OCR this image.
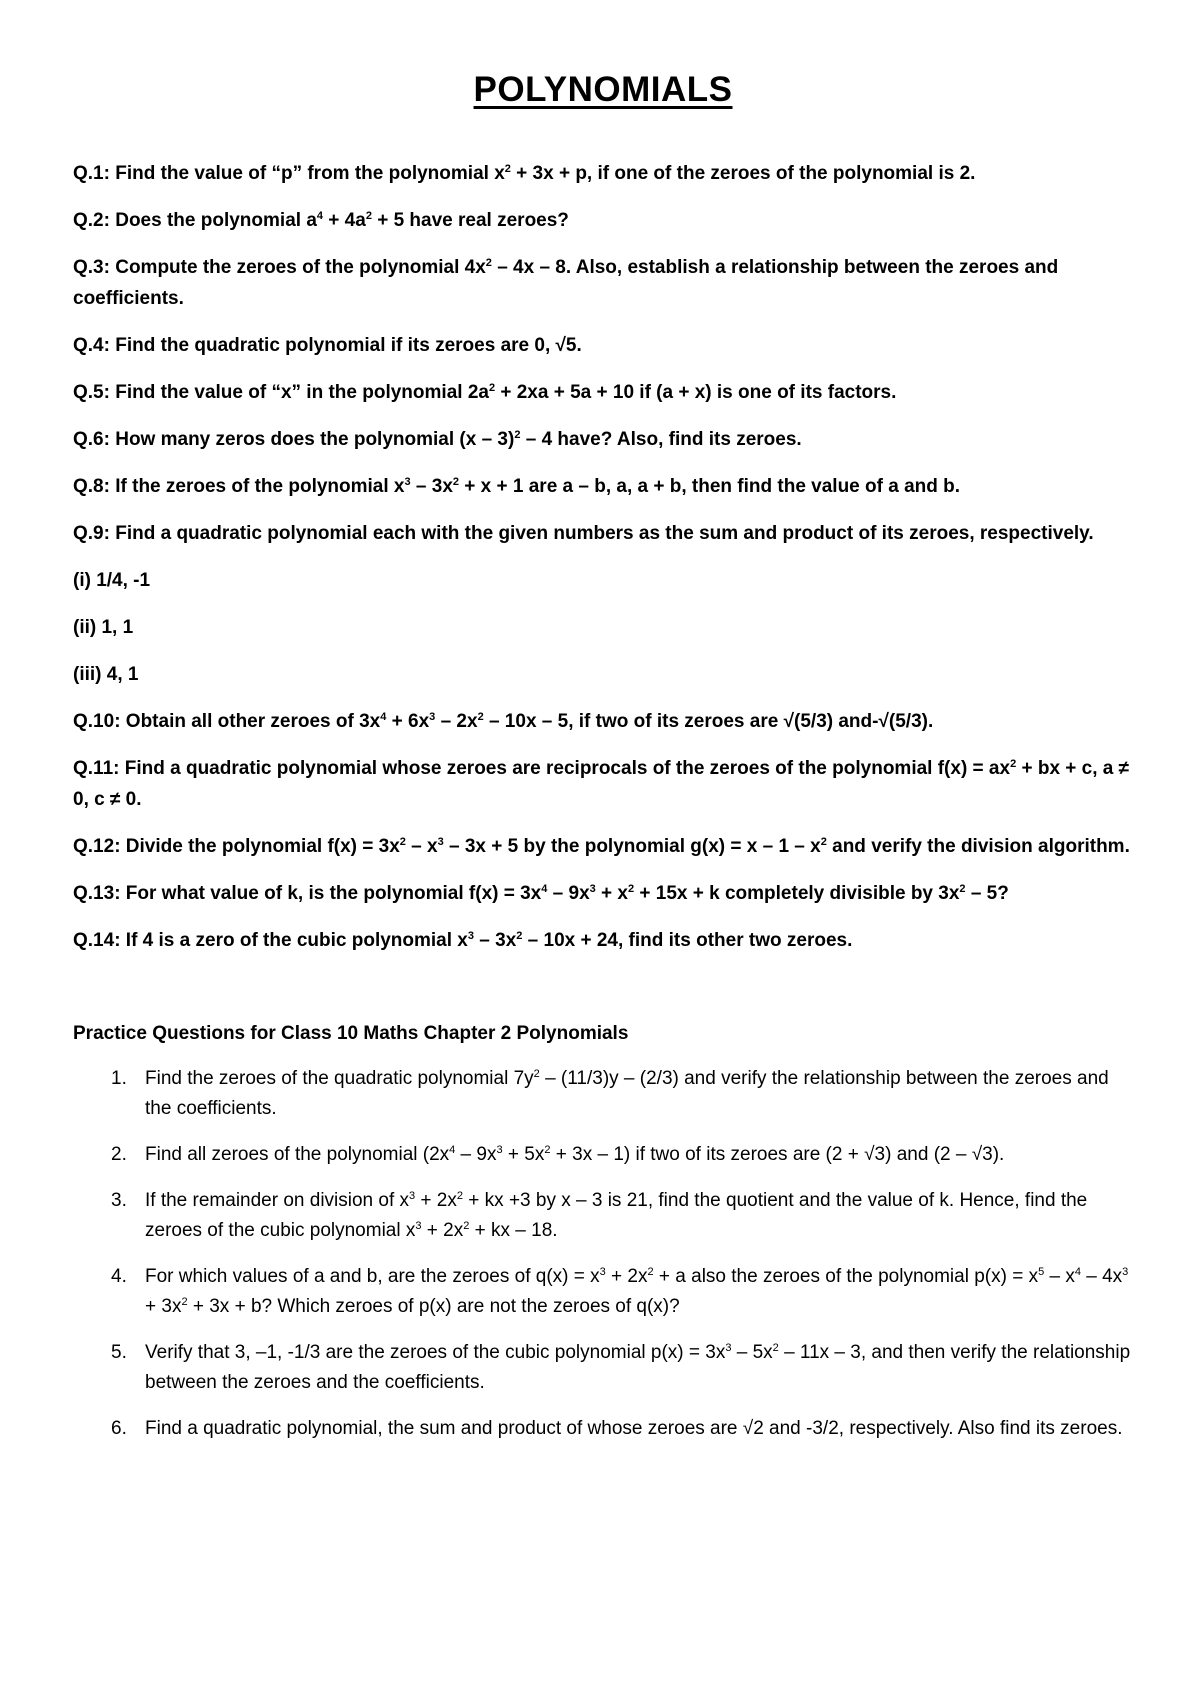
POLYNOMIALS
Q.1: Find the value of “p” from the polynomial $x^2 + 3x + p$, if one of the zeroes of the polynomial is 2.
Q.2: Does the polynomial $a^4 + 4a^2 + 5$ have real zeroes?
Q.3: Compute the zeroes of the polynomial $4x^2 - 4x - 8$. Also, establish a relationship between the zeroes and coefficients.
Q.4: Find the quadratic polynomial if its zeroes are 0, √5.
Q.5: Find the value of “x” in the polynomial $2a^2 + 2xa + 5a + 10$ if (a + x) is one of its factors.
Q.6: How many zeros does the polynomial (x – 3)$^2$ – 4 have? Also, find its zeroes.
Q.8: If the zeroes of the polynomial $x^3 - 3x^2 + x + 1$ are a – b, a, a + b, then find the value of a and b.
Q.9: Find a quadratic polynomial each with the given numbers as the sum and product of its zeroes, respectively.
(i) 1/4, -1
(ii) 1, 1
(iii) 4, 1
Q.10: Obtain all other zeroes of $3x^4 + 6x^3 - 2x^2 - 10x - 5$, if two of its zeroes are √(5/3) and-√(5/3).
Q.11: Find a quadratic polynomial whose zeroes are reciprocals of the zeroes of the polynomial $f(x) = ax^2$ + bx + c, a ≠ 0, c ≠ 0.
Q.12: Divide the polynomial $f(x) = 3x^2 - x^3 - 3x + 5$ by the polynomial $g(x) = x - 1 - x^2$ and verify the division algorithm.
Q.13: For what value of k, is the polynomial $f(x) = 3x^4 - 9x^3 + x^2 + 15x + k$ completely divisible by $3x^2 - 5$?
Q.14: If 4 is a zero of the cubic polynomial $x^3 - 3x^2 - 10x + 24$, find its other two zeroes.
Practice Questions for Class 10 Maths Chapter 2 Polynomials
1. Find the zeroes of the quadratic polynomial $7y^2 - (11/3)y - (2/3)$ and verify the relationship between the zeroes and the coefficients.
2. Find all zeroes of the polynomial $(2x^4 - 9x^3 + 5x^2 + 3x - 1)$ if two of its zeroes are (2 + √3) and (2 – √3).
3. If the remainder on division of $x^3 + 2x^2$ + kx +3 by x – 3 is 21, find the quotient and the value of k. Hence, find the zeroes of the cubic polynomial $x^3 + 2x^2$ + kx – 18.
4. For which values of a and b, are the zeroes of $q(x) = x^3 + 2x^2 + a$ also the zeroes of the polynomial $p(x) = x^5 - x^4 - 4x^3 + 3x^2 + 3x + b$? Which zeroes of p(x) are not the zeroes of q(x)?
5. Verify that 3, –1, -1/3 are the zeroes of the cubic polynomial $p(x) = 3x^3 - 5x^2 - 11x - 3$, and then verify the relationship between the zeroes and the coefficients.
6. Find a quadratic polynomial, the sum and product of whose zeroes are √2 and -3/2, respectively. Also find its zeroes.
